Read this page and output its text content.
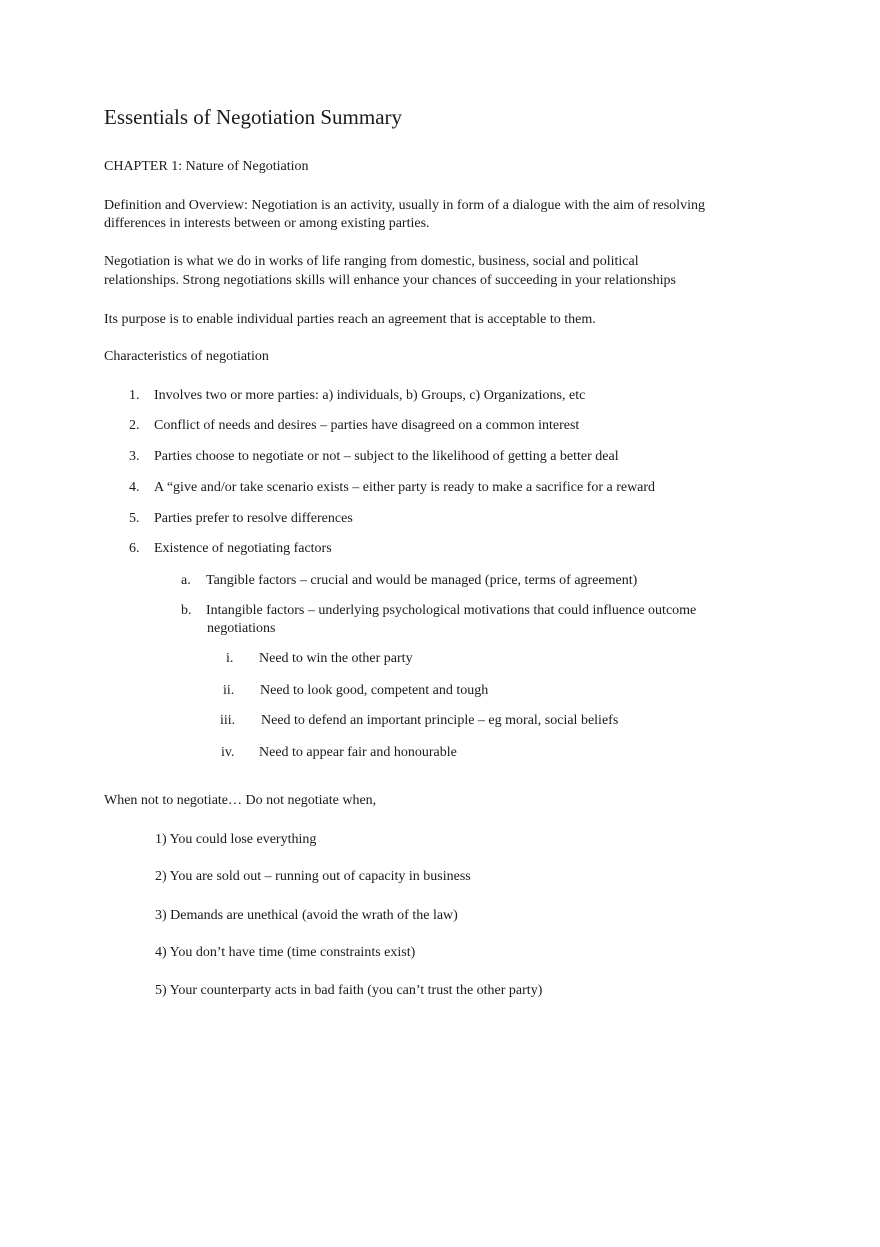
Essentials of Negotiation Summary
CHAPTER 1: Nature of Negotiation
Definition and Overview: Negotiation is an activity, usually in form of a dialogue with the aim of resolving
differences in interests between or among existing parties.
Negotiation is what we do in works of life ranging from domestic, business, social and political
relationships. Strong negotiations skills will enhance your chances of succeeding in your relationships
Its purpose is to enable individual parties reach an agreement that is acceptable to them.
Characteristics of negotiation
1. Involves two or more parties: a) individuals, b) Groups, c) Organizations, etc
2. Conflict of needs and desires – parties have disagreed on a common interest
3. Parties choose to negotiate or not – subject to the likelihood of getting a better deal
4. A “give and/or take scenario exists – either party is ready to make a sacrifice for a reward
5. Parties prefer to resolve differences
6. Existence of negotiating factors
a. Tangible factors – crucial and would be managed (price, terms of agreement)
b. Intangible factors – underlying psychological motivations that could influence outcome
negotiations
i. Need to win the other party
ii. Need to look good, competent and tough
iii. Need to defend an important principle – eg moral, social beliefs
iv. Need to appear fair and honourable
When not to negotiate… Do not negotiate when,
1) You could lose everything
2) You are sold out – running out of capacity in business
3) Demands are unethical (avoid the wrath of the law)
4) You don’t have time (time constraints exist)
5) Your counterparty acts in bad faith (you can’t trust the other party)
